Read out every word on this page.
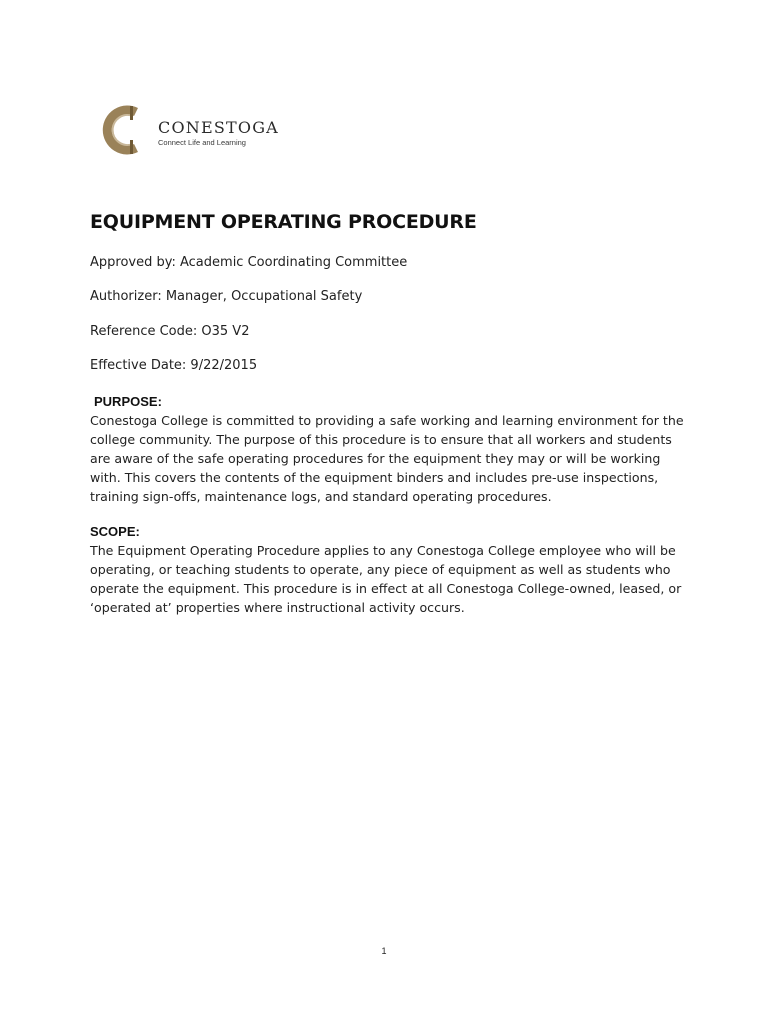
CONESTOGA
Connect Life and Learning
EQUIPMENT OPERATING PROCEDURE

Approved by: Academic Coordinating Committee

Authorizer: Manager, Occupational Safety

Reference Code: O35 V2

Effective Date: 9/22/2015

PURPOSE:
Conestoga College is committed to providing a safe working and learning environment for the
college community. The purpose of this procedure is to ensure that all workers and students
are aware of the safe operating procedures for the equipment they may or will be working
with. This covers the contents of the equipment binders and includes pre-use inspections,
training sign-offs, maintenance logs, and standard operating procedures.
SCOPE:
The Equipment Operating Procedure applies to any Conestoga College employee who will be
operating, or teaching students to operate, any piece of equipment as well as students who
operate the equipment. This procedure is in effect at all Conestoga College-owned, leased, or
‘operated at’ properties where instructional activity occurs.
1
